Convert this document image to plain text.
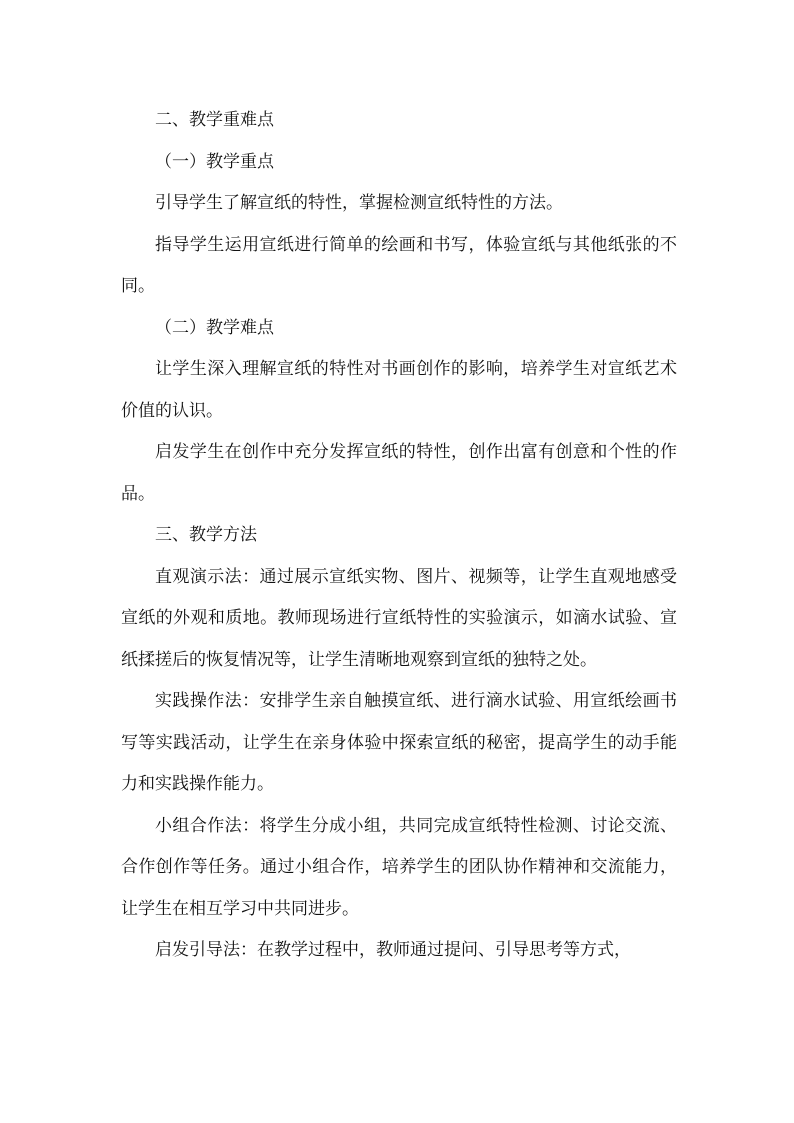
二、教学重难点

（一）教学重点

引导学生了解宣纸的特性，掌握检测宣纸特性的方法。

指导学生运用宣纸进行简单的绘画和书写，体验宣纸与其他纸张的不同。

（二）教学难点

让学生深入理解宣纸的特性对书画创作的影响，培养学生对宣纸艺术价值的认识。

启发学生在创作中充分发挥宣纸的特性，创作出富有创意和个性的作品。

三、教学方法

直观演示法：通过展示宣纸实物、图片、视频等，让学生直观地感受宣纸的外观和质地。教师现场进行宣纸特性的实验演示，如滴水试验、宣纸揉搓后的恢复情况等，让学生清晰地观察到宣纸的独特之处。

实践操作法：安排学生亲自触摸宣纸、进行滴水试验、用宣纸绘画书写等实践活动，让学生在亲身体验中探索宣纸的秘密，提高学生的动手能力和实践操作能力。

小组合作法：将学生分成小组，共同完成宣纸特性检测、讨论交流、合作创作等任务。通过小组合作，培养学生的团队协作精神和交流能力，让学生在相互学习中共同进步。

启发引导法：在教学过程中，教师通过提问、引导思考等方式，
